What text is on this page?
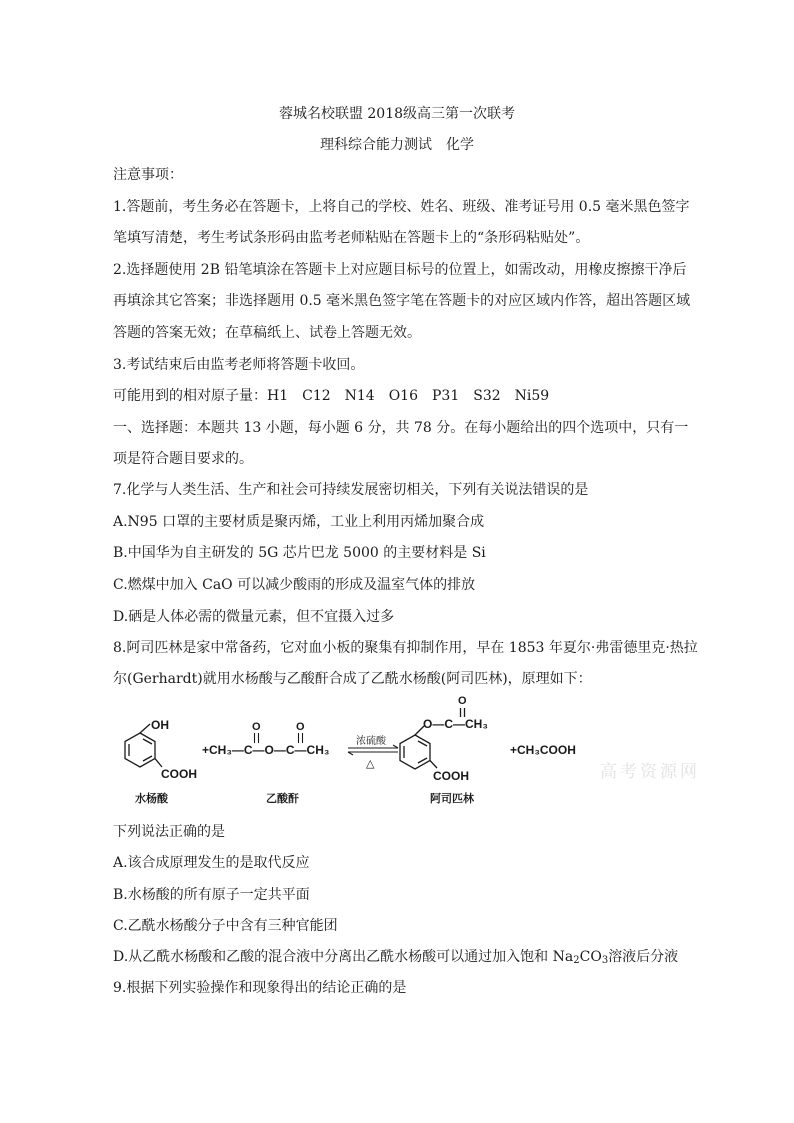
蓉城名校联盟 2018级高三第一次联考
理科综合能力测试　化学
注意事项：
1.答题前，考生务必在答题卡，上将自己的学校、姓名、班级、准考证号用 0.5 毫米黑色签字
笔填写清楚，考生考试条形码由监考老师粘贴在答题卡上的“条形码粘贴处”。
2.选择题使用 2B 铅笔填涂在答题卡上对应题目标号的位置上，如需改动，用橡皮擦擦干净后
再填涂其它答案；非选择题用 0.5 毫米黑色签字笔在答题卡的对应区域内作答，超出答题区域
答题的答案无效；在草稿纸上、试卷上答题无效。
3.考试结束后由监考老师将答题卡收回。
可能用到的相对原子量：H1　C12　N14　O16　P31　S32　Ni59
一、选择题：本题共 13 小题，每小题 6 分，共 78 分。在每小题给出的四个选项中，只有一
项是符合题目要求的。
7.化学与人类生活、生产和社会可持续发展密切相关，下列有关说法错误的是
A.N95 口罩的主要材质是聚丙烯，工业上利用丙烯加聚合成
B.中国华为自主研发的 5G 芯片巴龙 5000 的主要材料是 Si
C.燃煤中加入 CaO 可以减少酸雨的形成及温室气体的排放
D.硒是人体必需的微量元素，但不宜摄入过多
8.阿司匹林是家中常备药，它对血小板的聚集有抑制作用，早在 1853 年夏尔·弗雷德里克·热拉
尔(Gerhardt)就用水杨酸与乙酸酐合成了乙酰水杨酸(阿司匹林)，原理如下：
OH
COOH
水杨酸
+CH₃—C—O—C—CH₃
O	O
乙酸酐
浓硫酸
△
O
O—C—CH₃
COOH
阿司匹林
+CH₃COOH
高考资源网
下列说法正确的是
A.该合成原理发生的是取代反应
B.水杨酸的所有原子一定共平面
C.乙酰水杨酸分子中含有三种官能团
D.从乙酰水杨酸和乙酸的混合液中分离出乙酰水杨酸可以通过加入饱和 $Na_2CO_3$溶液后分液
9.根据下列实验操作和现象得出的结论正确的是
